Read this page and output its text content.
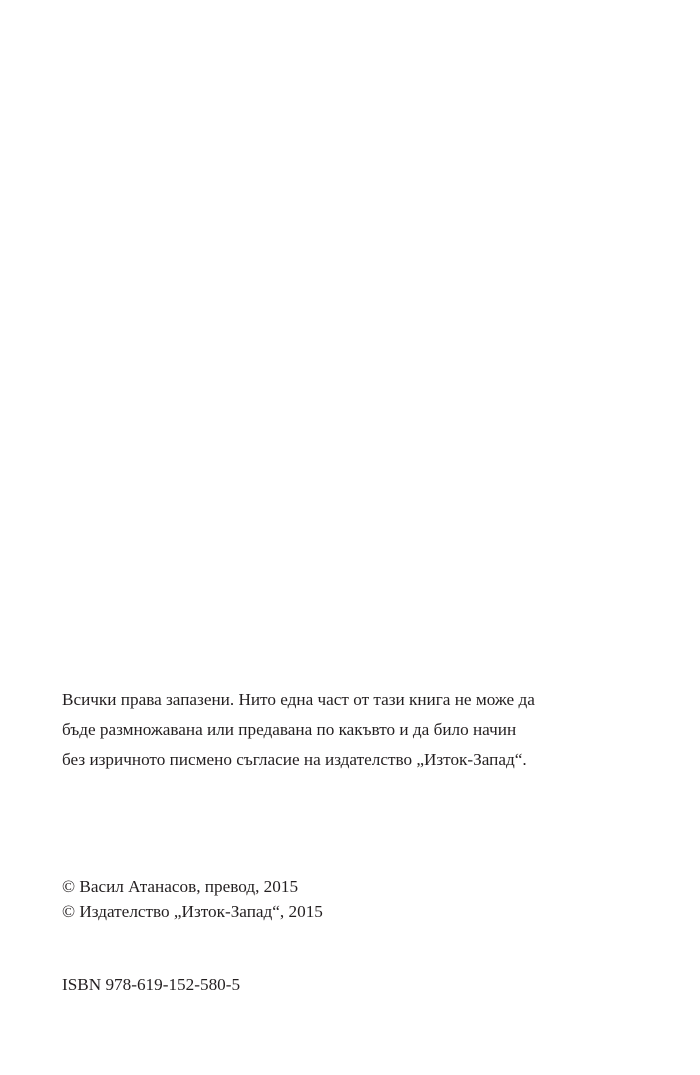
Всички права запазени. Нито една част от тази книга не може да
бъде размножавана или предавана по какъвто и да било начин
без изричното писмено съгласие на издателство „Изток-Запад“.
© Васил Атанасов, превод, 2015
© Издателство „Изток-Запад“, 2015
ISBN 978-619-152-580-5
